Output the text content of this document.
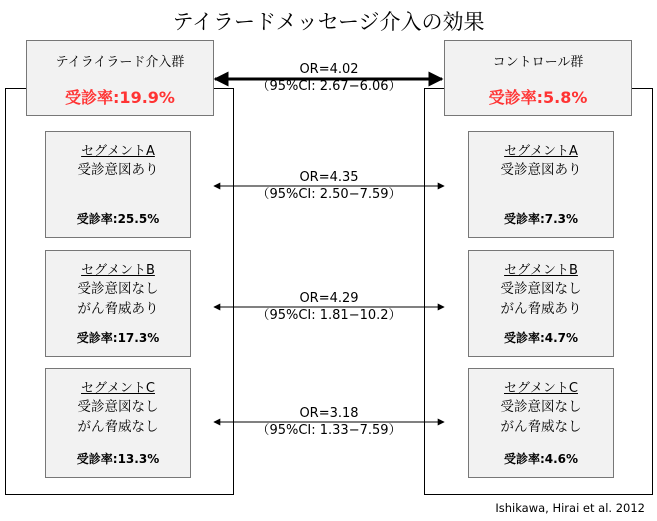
テイラードメッセージ介入の効果
テイライラード介入群
受診率:19.9%
セグメントA
受診意図あり
受診率:25.5%
セグメントB
受診意図なし
がん脅威あり
受診率:17.3%
セグメントC
受診意図なし
がん脅威なし
受診率:13.3%
コントロール群
受診率:5.8%
セグメントA
受診意図あり
受診率:7.3%
セグメントB
受診意図なし
がん脅威あり
受診率:4.7%
セグメントC
受診意図なし
がん脅威なし
受診率:4.6%
OR=4.02
（95%CI: 2.67−6.06）
OR=4.35
（95%CI: 2.50−7.59）
OR=4.29
（95%CI: 1.81−10.2）
OR=3.18
（95%CI: 1.33−7.59）
Ishikawa, Hirai et al. 2012
